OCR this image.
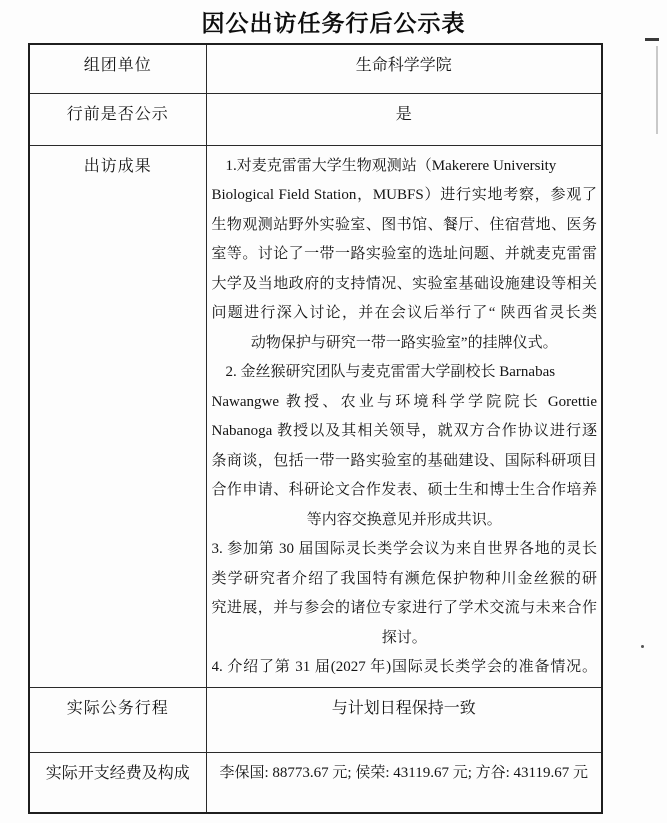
因公出访任务行后公示表
组团单位	生命科学学院
行前是否公示	是
出访成果	1.对麦克雷雷大学生物观测站（Makerere University
Biological Field Station，MUBFS）进行实地考察，参观了
生物观测站野外实验室、图书馆、餐厅、住宿营地、医务
室等。讨论了一带一路实验室的选址问题、并就麦克雷雷
大学及当地政府的支持情况、实验室基础设施建设等相关
问题进行深入讨论，并在会议后举行了“ 陕西省灵长类
动物保护与研究一带一路实验室”的挂牌仪式。
2. 金丝猴研究团队与麦克雷雷大学副校长 Barnabas
Nawangwe 教授、农业与环境科学学院院长 Gorettie
Nabanoga 教授以及其相关领导，就双方合作协议进行逐
条商谈，包括一带一路实验室的基础建设、国际科研项目
合作申请、科研论文合作发表、硕士生和博士生合作培养
等内容交换意见并形成共识。
3. 参加第 30 届国际灵长类学会议为来自世界各地的灵长
类学研究者介绍了我国特有濒危保护物种川金丝猴的研
究进展，并与参会的诸位专家进行了学术交流与未来合作
探讨。
4. 介绍了第 31 届(2027 年)国际灵长类学会的准备情况。

实际公务行程	与计划日程保持一致
实际开支经费及构成	李保国: 88773.67 元; 侯荣: 43119.67 元; 方谷: 43119.67 元
